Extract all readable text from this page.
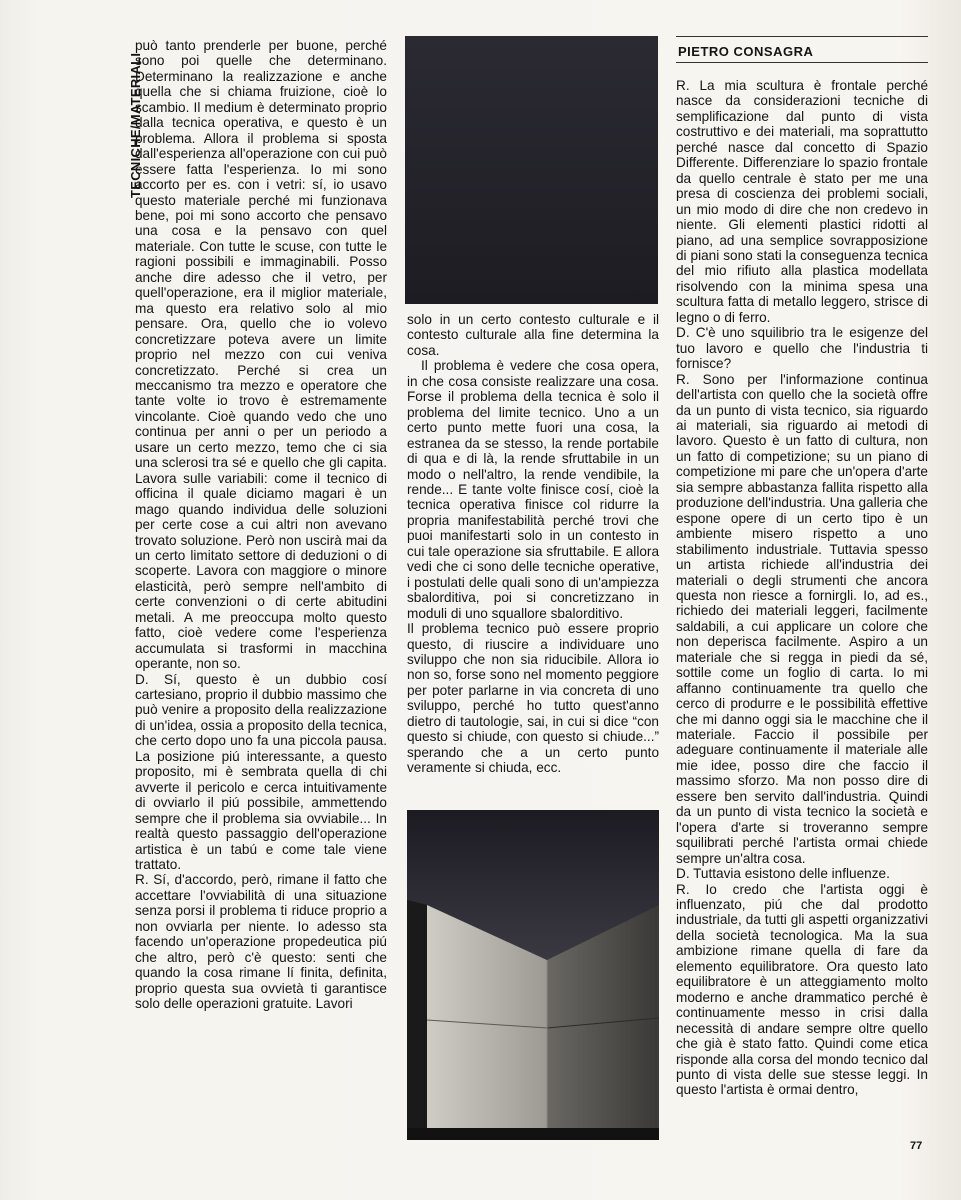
TECNICHE/MATERIALI

può tanto prenderle per buone, perché sono poi quelle che determinano. Determinano la realizzazione e anche quella che si chiama fruizione, cioè lo scambio. Il medium è determinato proprio dalla tecnica operativa, e questo è un problema. Allora il problema si sposta dall'esperienza all'operazione con cui può essere fatta l'esperienza. Io mi sono accorto per es. con i vetri: sí, io usavo questo materiale perché mi funzionava bene, poi mi sono accorto che pensavo una cosa e la pensavo con quel materiale. Con tutte le scuse, con tutte le ragioni possibili e immaginabili. Posso anche dire adesso che il vetro, per quell'operazione, era il miglior materiale, ma questo era relativo solo al mio pensare. Ora, quello che io volevo concretizzare poteva avere un limite proprio nel mezzo con cui veniva concretizzato. Perché si crea un meccanismo tra mezzo e operatore che tante volte io trovo è estremamente vincolante. Cioè quando vedo che uno continua per anni o per un periodo a usare un certo mezzo, temo che ci sia una sclerosi tra sé e quello che gli capita. Lavora sulle variabili: come il tecnico di officina il quale diciamo magari è un mago quando individua delle soluzioni per certe cose a cui altri non avevano trovato soluzione. Però non uscirà mai da un certo limitato settore di deduzioni o di scoperte. Lavora con maggiore o minore elasticità, però sempre nell'ambito di certe convenzioni o di certe abitudini metali. A me preoccupa molto questo fatto, cioè vedere come l'esperienza accumulata si trasformi in macchina operante, non so.

D. Sí, questo è un dubbio cosí cartesiano, proprio il dubbio massimo che può venire a proposito della realizzazione di un'idea, ossia a proposito della tecnica, che certo dopo uno fa una piccola pausa. La posizione piú interessante, a questo proposito, mi è sembrata quella di chi avverte il pericolo e cerca intuitivamente di ovviarlo il piú possibile, ammettendo sempre che il problema sia ovviabile... In realtà questo passaggio dell'operazione artistica è un tabú e come tale viene trattato.

R. Sí, d'accordo, però, rimane il fatto che accettare l'ovviabilità di una situazione senza porsi il problema ti riduce proprio a non ovviarla per niente. Io adesso sta facendo un'operazione propedeutica piú che altro, però c'è questo: senti che quando la cosa rimane lí finita, definita, proprio questa sua ovvietà ti garantisce solo delle operazioni gratuite. Lavori

solo in un certo contesto culturale e il contesto culturale alla fine determina la cosa.

Il problema è vedere che cosa opera, in che cosa consiste realizzare una cosa. Forse il problema della tecnica è solo il problema del limite tecnico. Uno a un certo punto mette fuori una cosa, la estranea da se stesso, la rende portabile di qua e di là, la rende sfruttabile in un modo o nell'altro, la rende vendibile, la rende... E tante volte finisce cosí, cioè la tecnica operativa finisce col ridurre la propria manifestabilità perché trovi che puoi manifestarti solo in un contesto in cui tale operazione sia sfruttabile. E allora vedi che ci sono delle tecniche operative, i postulati delle quali sono di un'ampiezza sbalorditiva, poi si concretizzano in moduli di uno squallore sbalorditivo.

Il problema tecnico può essere proprio questo, di riuscire a individuare uno sviluppo che non sia riducibile. Allora io non so, forse sono nel momento peggiore per poter parlarne in via concreta di uno sviluppo, perché ho tutto quest'anno dietro di tautologie, sai, in cui si dice “con questo si chiude, con questo si chiude...” sperando che a un certo punto veramente si chiuda, ecc.

PIETRO CONSAGRA

R. La mia scultura è frontale perché nasce da considerazioni tecniche di semplificazione dal punto di vista costruttivo e dei materiali, ma soprattutto perché nasce dal concetto di Spazio Differente. Differenziare lo spazio frontale da quello centrale è stato per me una presa di coscienza dei problemi sociali, un mio modo di dire che non credevo in niente. Gli elementi plastici ridotti al piano, ad una semplice sovrapposizione di piani sono stati la conseguenza tecnica del mio rifiuto alla plastica modellata risolvendo con la minima spesa una scultura fatta di metallo leggero, strisce di legno o di ferro.

D. C'è uno squilibrio tra le esigenze del tuo lavoro e quello che l'industria ti fornisce?

R. Sono per l'informazione continua dell'artista con quello che la società offre da un punto di vista tecnico, sia riguardo ai materiali, sia riguardo ai metodi di lavoro. Questo è un fatto di cultura, non un fatto di competizione; su un piano di competizione mi pare che un'opera d'arte sia sempre abbastanza fallita rispetto alla produzione dell'industria. Una galleria che espone opere di un certo tipo è un ambiente misero rispetto a uno stabilimento industriale. Tuttavia spesso un artista richiede all'industria dei materiali o degli strumenti che ancora questa non riesce a fornirgli. Io, ad es., richiedo dei materiali leggeri, facilmente saldabili, a cui applicare un colore che non deperisca facilmente. Aspiro a un materiale che si regga in piedi da sé, sottile come un foglio di carta. Io mi affanno continuamente tra quello che cerco di produrre e le possibilità effettive che mi danno oggi sia le macchine che il materiale. Faccio il possibile per adeguare continuamente il materiale alle mie idee, posso dire che faccio il massimo sforzo. Ma non posso dire di essere ben servito dall'industria. Quindi da un punto di vista tecnico la società e l'opera d'arte si troveranno sempre squilibrati perché l'artista ormai chiede sempre un'altra cosa.

D. Tuttavia esistono delle influenze.

R. Io credo che l'artista oggi è influenzato, piú che dal prodotto industriale, da tutti gli aspetti organizzativi della società tecnologica. Ma la sua ambizione rimane quella di fare da elemento equilibratore. Ora questo lato equilibratore è un atteggiamento molto moderno e anche drammatico perché è continuamente messo in crisi dalla necessità di andare sempre oltre quello che già è stato fatto. Quindi come etica risponde alla corsa del mondo tecnico dal punto di vista delle sue stesse leggi. In questo l'artista è ormai dentro,

77
